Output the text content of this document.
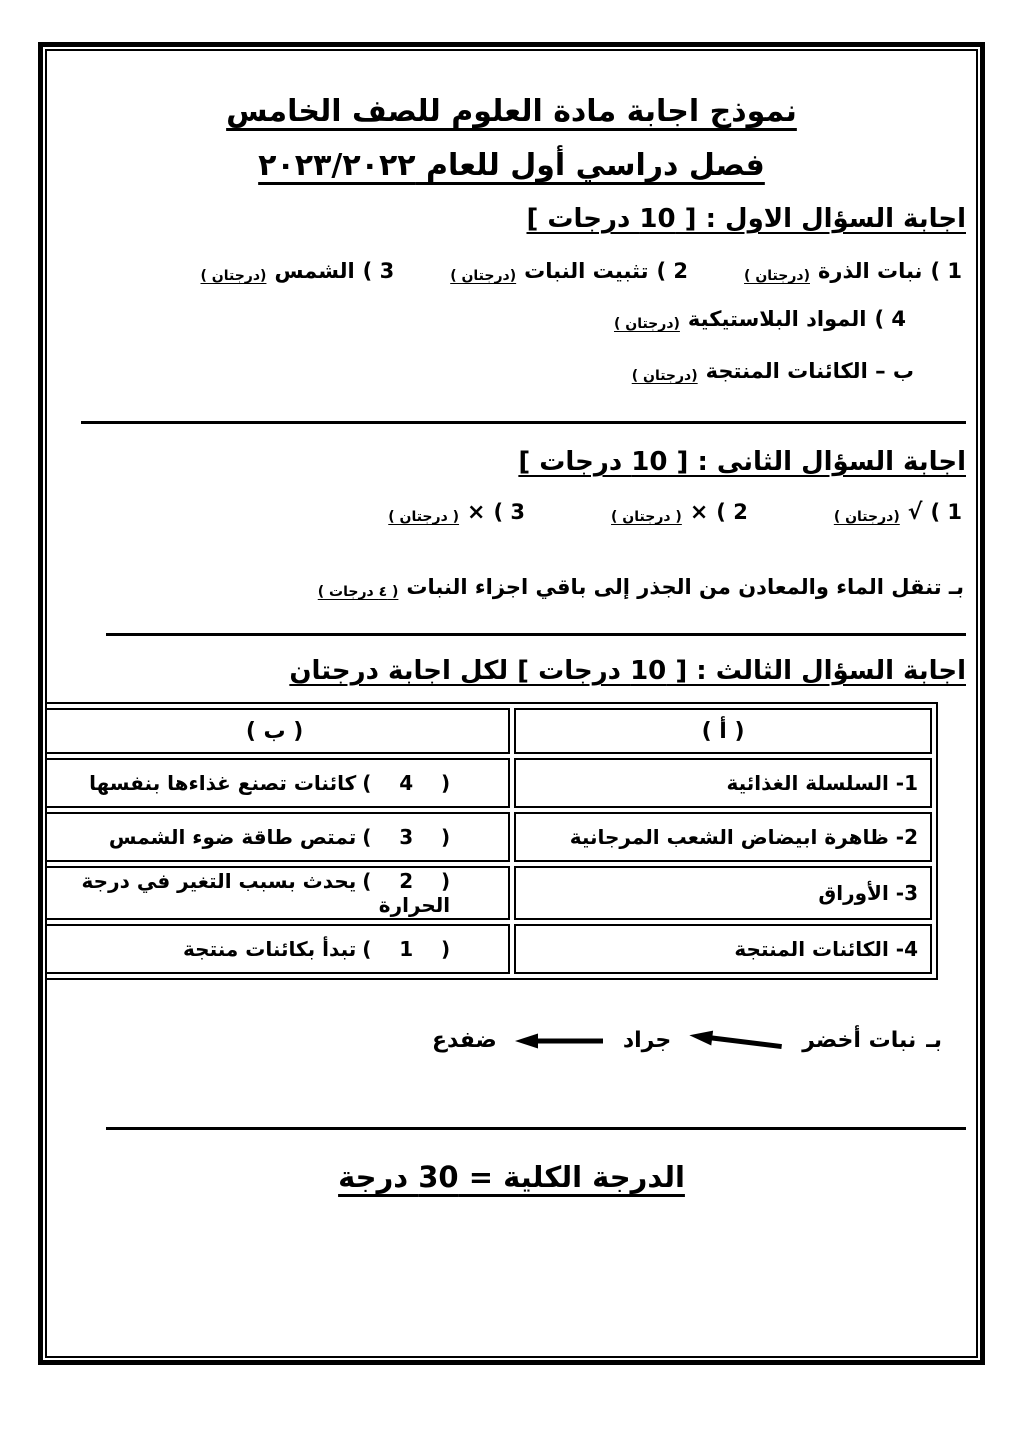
نموذج اجابة مادة العلوم للصف الخامس
فصل دراسي أول للعام ٢٠٢٣/٢٠٢٢
اجابة السؤال الاول : [ 10 درجات ]
1 )
نبات الذرة
(درجتان )
2 )
تثبيت النبات
(درجتان )
3 )
الشمس
(درجتان )
4 )
المواد البلاستيكية
(درجتان )
ب – الكائنات المنتجة
(درجتان )
اجابة السؤال الثانى : [ 10 درجات ]
1 )
√
(درجتان )
2 )
×
( درجتان )
3 )
×
( درجتان )
بـ تنقل الماء والمعادن من الجذر إلى باقي اجزاء النبات
( ٤ درجات )
اجابة السؤال الثالث : [ 10 درجات ] لكل اجابة درجتان
( أ )	( ب )
1- السلسلة الغذائية	(    4    )كائنات تصنع غذاءها بنفسها
2- ظاهرة ابيضاض الشعب المرجانية	(    3    )تمتص طاقة ضوء الشمس
3- الأوراق	(    2    )يحدث بسبب التغير في درجة الحرارة
4- الكائنات المنتجة	(    1    )تبدأ بكائنات منتجة
بـ
نبات أخضر
جراد
ضفدع
الدرجة الكلية = 30 درجة
